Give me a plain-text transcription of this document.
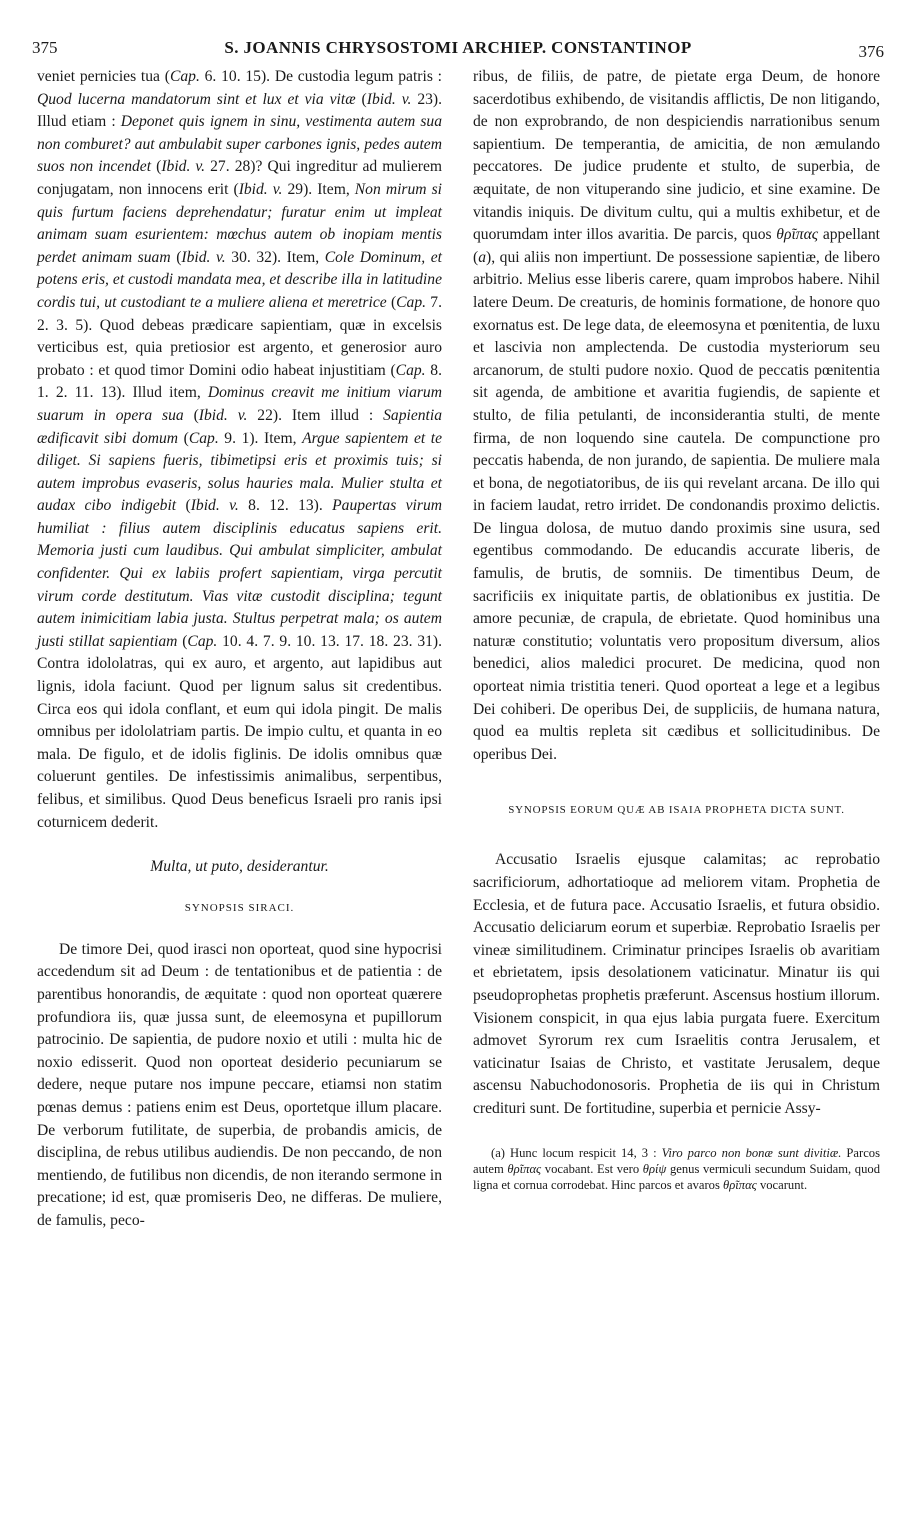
375	S. JOANNIS CHRYSOSTOMI ARCHIEP. CONSTANTINOP	376

veniet pernicies tua (Cap. 6. 10. 15). De custodia legum patris : Quod lucerna mandatorum sint et lux et via vitæ (Ibid. v. 23). Illud etiam : Deponet quis ignem in sinu, vestimenta autem sua non comburet? aut ambulabit super carbones ignis, pedes autem suos non incendet (Ibid. v. 27. 28)? Qui ingreditur ad mulierem conjugatam, non innocens erit (Ibid. v. 29). Item, Non mirum si quis furtum faciens deprehendatur; furatur enim ut impleat animam suam esurientem: mœchus autem ob inopiam mentis perdet animam suam (Ibid. v. 30. 32). Item, Cole Dominum, et potens eris, et custodi mandata mea, et describe illa in latitudine cordis tui, ut custodiant te a muliere aliena et meretrice (Cap. 7. 2. 3. 5). Quod debeas prædicare sapientiam, quæ in excelsis verticibus est, quia pretiosior est argento, et generosior auro probato : et quod timor Domini odio habeat injustitiam (Cap. 8. 1. 2. 11. 13). Illud item, Dominus creavit me initium viarum suarum in opera sua (Ibid. v. 22). Item illud : Sapientia ædificavit sibi domum (Cap. 9. 1). Item, Argue sapientem et te diliget. Si sapiens fueris, tibimetipsi eris et proximis tuis; si autem improbus evaseris, solus hauries mala. Mulier stulta et audax cibo indigebit (Ibid. v. 8. 12. 13). Paupertas virum humiliat : filius autem disciplinis educatus sapiens erit. Memoria justi cum laudibus. Qui ambulat simpliciter, ambulat confidenter. Qui ex labiis profert sapientiam, virga percutit virum corde destitutum. Vias vitæ custodit disciplina; tegunt autem inimicitiam labia justa. Stultus perpetrat mala; os autem justi stillat sapientiam (Cap. 10. 4. 7. 9. 10. 13. 17. 18. 23. 31). Contra idololatras, qui ex auro, et argento, aut lapidibus aut lignis, idola faciunt. Quod per lignum salus sit credentibus. Circa eos qui idola conflant, et eum qui idola pingit. De malis omnibus per idololatriam partis. De impio cultu, et quanta in eo mala. De figulo, et de idolis figlinis. De idolis omnibus quæ coluerunt gentiles. De infestissimis animalibus, serpentibus, felibus, et similibus. Quod Deus beneficus Israeli pro ranis ipsi coturnicem dederit.

Multa, ut puto, desiderantur.

SYNOPSIS SIRACI.

De timore Dei, quod irasci non oporteat, quod sine hypocrisi accedendum sit ad Deum : de tentationibus et de patientia : de parentibus honorandis, de æquitate : quod non oporteat quærere profundiora iis, quæ jussa sunt, de eleemosyna et pupillorum patrocinio. De sapientia, de pudore noxio et utili : multa hic de noxio edisserit. Quod non oporteat desiderio pecuniarum se dedere, neque putare nos impune peccare, etiamsi non statim pœnas demus : patiens enim est Deus, oportetque illum placare. De verborum futilitate, de superbia, de probandis amicis, de disciplina, de rebus utilibus audiendis. De non peccando, de non mentiendo, de futilibus non dicendis, de non iterando sermone in precatione; id est, quæ promiseris Deo, ne differas. De muliere, de famulis, peco-

ribus, de filiis, de patre, de pietate erga Deum, de honore sacerdotibus exhibendo, de visitandis afflictis, De non litigando, de non exprobrando, de non despiciendis narrationibus senum sapientium. De temperantia, de amicitia, de non æmulando peccatores. De judice prudente et stulto, de superbia, de æquitate, de non vituperando sine judicio, et sine examine. De vitandis iniquis. De divitum cultu, qui a multis exhibetur, et de quorumdam inter illos avaritia. De parcis, quos θρῖπας appellant (a), qui aliis non impertiunt. De possessione sapientiæ, de libero arbitrio. Melius esse liberis carere, quam improbos habere. Nihil latere Deum. De creaturis, de hominis formatione, de honore quo exornatus est. De lege data, de eleemosyna et pœnitentia, de luxu et lascivia non amplectenda. De custodia mysteriorum seu arcanorum, de stulti pudore noxio. Quod de peccatis pœnitentia sit agenda, de ambitione et avaritia fugiendis, de sapiente et stulto, de filia petulanti, de inconsiderantia stulti, de mente firma, de non loquendo sine cautela. De compunctione pro peccatis habenda, de non jurando, de sapientia. De muliere mala et bona, de negotiatoribus, de iis qui revelant arcana. De illo qui in faciem laudat, retro irridet. De condonandis proximo delictis. De lingua dolosa, de mutuo dando proximis sine usura, sed egentibus commodando. De educandis accurate liberis, de famulis, de brutis, de somniis. De timentibus Deum, de sacrificiis ex iniquitate partis, de oblationibus ex justitia. De amore pecuniæ, de crapula, de ebrietate. Quod hominibus una naturæ constitutio; voluntatis vero propositum diversum, alios benedici, alios maledici procuret. De medicina, quod non oporteat nimia tristitia teneri. Quod oporteat a lege et a legibus Dei cohiberi. De operibus Dei, de suppliciis, de humana natura, quod ea multis repleta sit cædibus et sollicitudinibus. De operibus Dei.

SYNOPSIS EORUM QUÆ AB ISAIA PROPHETA DICTA SUNT.

Accusatio Israelis ejusque calamitas; ac reprobatio sacrificiorum, adhortatioque ad meliorem vitam. Prophetia de Ecclesia, et de futura pace. Accusatio Israelis, et futura obsidio. Accusatio deliciarum eorum et superbiæ. Reprobatio Israelis per vineæ similitudinem. Criminatur principes Israelis ob avaritiam et ebrietatem, ipsis desolationem vaticinatur. Minatur iis qui pseudoprophetas prophetis præferunt. Ascensus hostium illorum. Visionem conspicit, in qua ejus labia purgata fuere. Exercitum admovet Syrorum rex cum Israelitis contra Jerusalem, et vaticinatur Isaias de Christo, et vastitate Jerusalem, deque ascensu Nabuchodonosoris. Prophetia de iis qui in Christum credituri sunt. De fortitudine, superbia et pernicie Assy-

(a) Hunc locum respicit 14, 3 : Viro parco non bonæ sunt divitiæ. Parcos autem θρῖπας vocabant. Est vero θρίψ genus vermiculi secundum Suidam, quod ligna et cornua corrodebat. Hinc parcos et avaros θρῖπας vocarunt.
